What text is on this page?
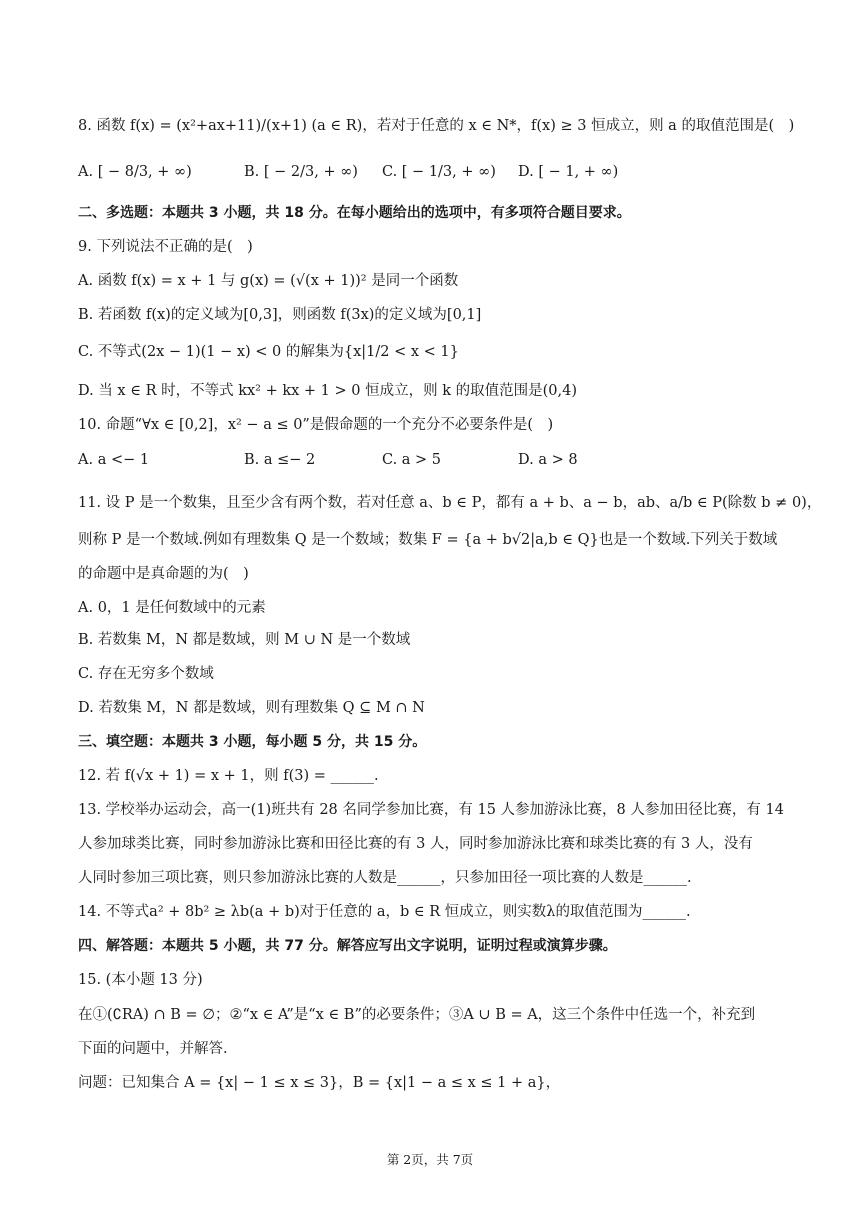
8. 函数 f(x) = (x²+ax+11)/(x+1) (a ∈ R)，若对于任意的 x ∈ N*，f(x) ≥ 3 恒成立，则 a 的取值范围是(　)
A. [ − 8/3, + ∞)	B. [ − 2/3, + ∞) C. [ − 1/3, + ∞) D. [ − 1, + ∞)
二、多选题：本题共 3 小题，共 18 分。在每小题给出的选项中，有多项符合题目要求。
9. 下列说法不正确的是(　)
A. 函数 f(x) = x + 1 与 g(x) = (√(x + 1))² 是同一个函数
B. 若函数 f(x)的定义域为[0,3]，则函数 f(3x)的定义域为[0,1]
C. 不等式(2x − 1)(1 − x) < 0 的解集为{x|1/2 < x < 1}
D. 当 x ∈ R 时，不等式 kx² + kx + 1 > 0 恒成立，则 k 的取值范围是(0,4)
10. 命题“∀x ∈ [0,2]，x² − a ≤ 0”是假命题的一个充分不必要条件是(　)
A. a <− 1	B. a ≤− 2	C. a > 5	D. a > 8
11. 设 P 是一个数集，且至少含有两个数，若对任意 a、b ∈ P，都有 a + b、a − b，ab、a/b ∈ P(除数 b ≠ 0)，
则称 P 是一个数域.例如有理数集 Q 是一个数域；数集 F = {a + b√2|a,b ∈ Q}也是一个数域.下列关于数域
的命题中是真命题的为(　)
A. 0，1 是任何数域中的元素
B. 若数集 M，N 都是数域，则 M ∪ N 是一个数域
C. 存在无穷多个数域
D. 若数集 M，N 都是数域，则有理数集 Q ⊆ M ∩ N
三、填空题：本题共 3 小题，每小题 5 分，共 15 分。
12. 若 f(√x + 1) = x + 1，则 f(3) = ______.
13. 学校举办运动会，高一(1)班共有 28 名同学参加比赛，有 15 人参加游泳比赛，8 人参加田径比赛，有 14
人参加球类比赛，同时参加游泳比赛和田径比赛的有 3 人，同时参加游泳比赛和球类比赛的有 3 人，没有
人同时参加三项比赛，则只参加游泳比赛的人数是______，只参加田径一项比赛的人数是______.
14. 不等式a² + 8b² ≥ λb(a + b)对于任意的 a，b ∈ R 恒成立，则实数λ的取值范围为______.
四、解答题：本题共 5 小题，共 77 分。解答应写出文字说明，证明过程或演算步骤。
15. (本小题 13 分)
在①(∁RA) ∩ B = ∅；②“x ∈ A”是“x ∈ B”的必要条件；③A ∪ B = A，这三个条件中任选一个，补充到
下面的问题中，并解答.
问题：已知集合 A = {x| − 1 ≤ x ≤ 3}，B = {x|1 − a ≤ x ≤ 1 + a}，
第 2页，共 7页
